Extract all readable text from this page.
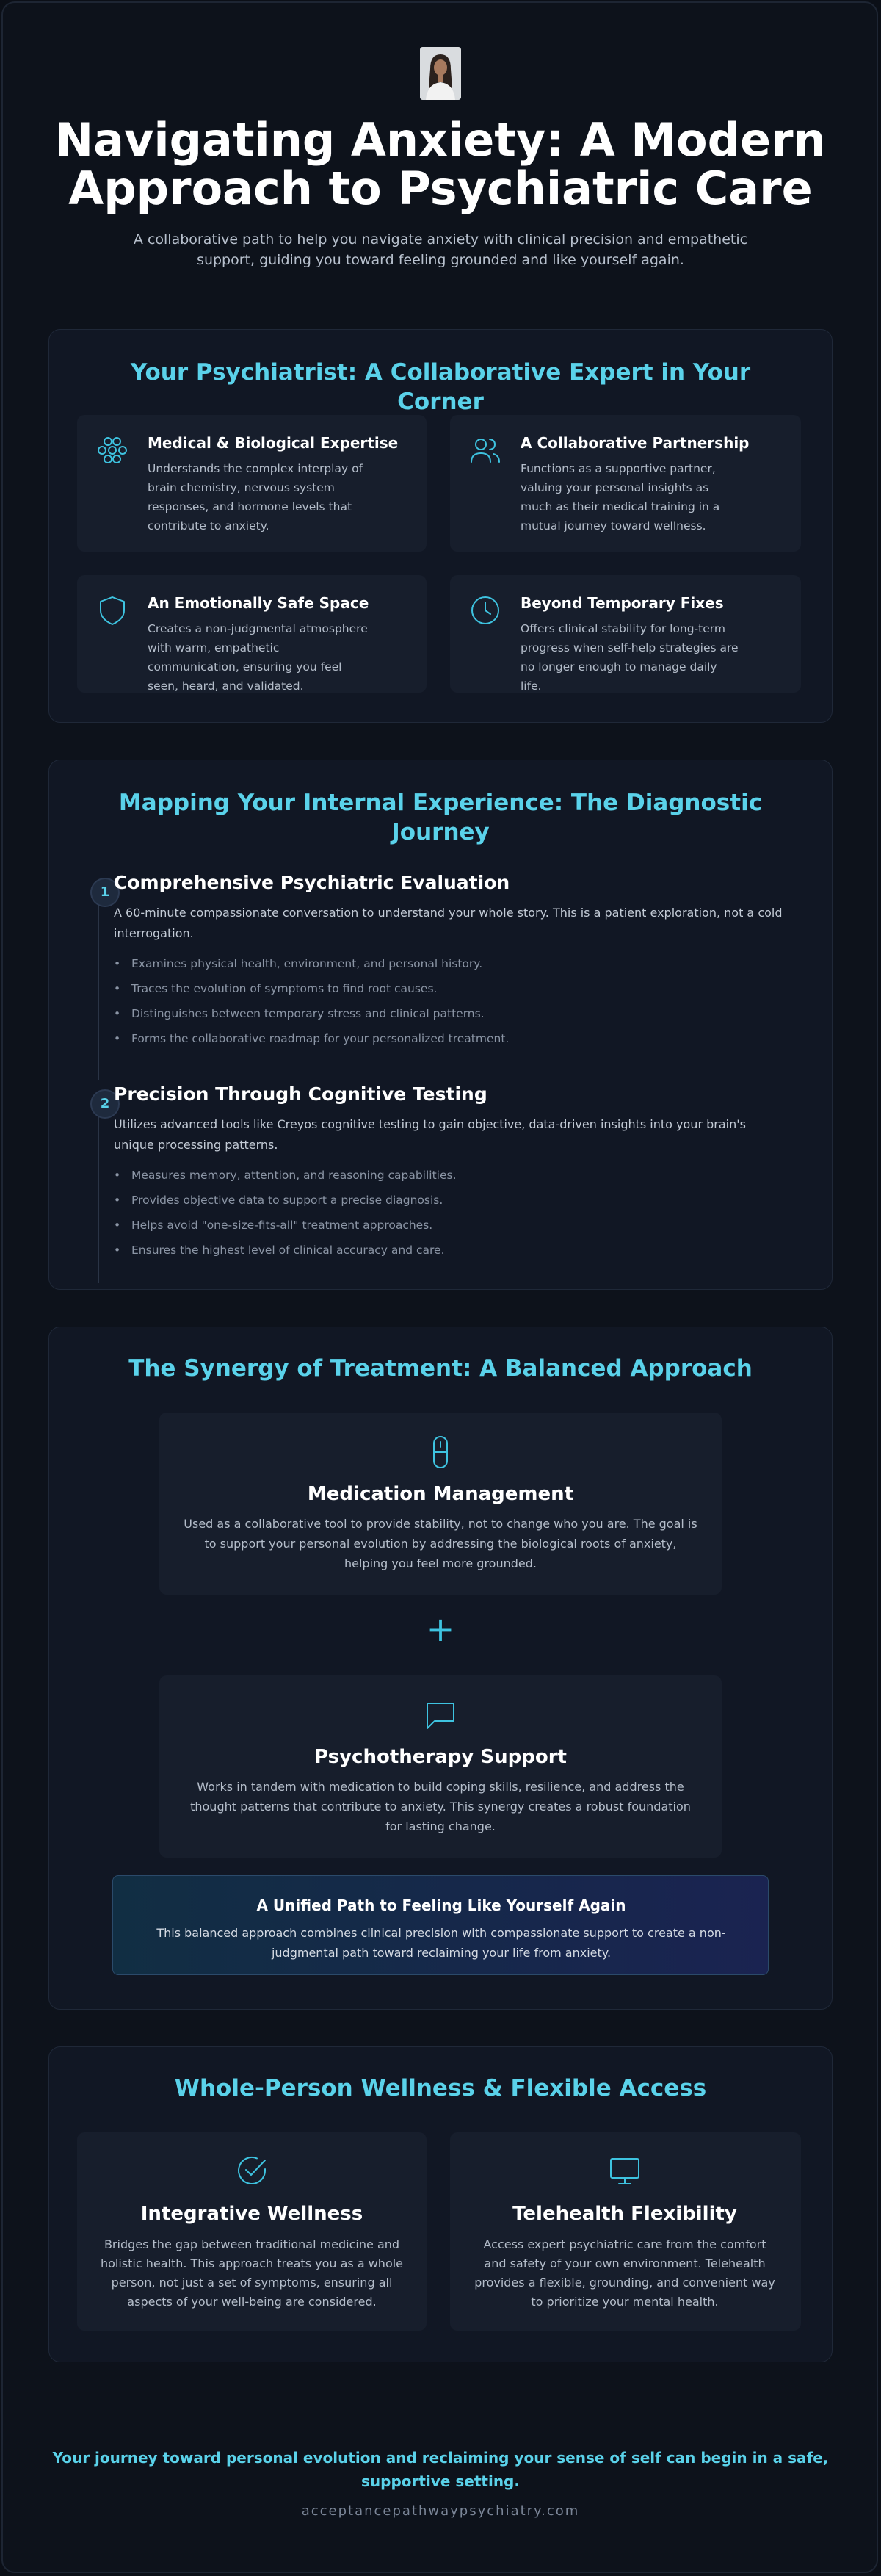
Navigating Anxiety: A Modern Approach to Psychiatric Care

A collaborative path to help you navigate anxiety with clinical precision and empathetic support, guiding you toward feeling grounded and like yourself again.

Your Psychiatrist: A Collaborative Expert in Your Corner
Medical & Biological Expertise

Understands the complex interplay of brain chemistry, nervous system responses, and hormone levels that contribute to anxiety.

A Collaborative Partnership

Functions as a supportive partner, valuing your personal insights as much as their medical training in a mutual journey toward wellness.

An Emotionally Safe Space

Creates a non-judgmental atmosphere with warm, empathetic communication, ensuring you feel seen, heard, and validated.

Beyond Temporary Fixes

Offers clinical stability for long-term progress when self-help strategies are no longer enough to manage daily life.

Mapping Your Internal Experience: The Diagnostic Journey
1 Comprehensive Psychiatric Evaluation

A 60-minute compassionate conversation to understand your whole story. This is a patient exploration, not a cold interrogation.

• Examines physical health, environment, and personal history.
• Traces the evolution of symptoms to find root causes.
• Distinguishes between temporary stress and clinical patterns.
• Forms the collaborative roadmap for your personalized treatment.
2 Precision Through Cognitive Testing

Utilizes advanced tools like Creyos cognitive testing to gain objective, data-driven insights into your brain's unique processing patterns.

• Measures memory, attention, and reasoning capabilities.
• Provides objective data to support a precise diagnosis.
• Helps avoid "one-size-fits-all" treatment approaches.
• Ensures the highest level of clinical accuracy and care.
The Synergy of Treatment: A Balanced Approach
Medication Management

Used as a collaborative tool to provide stability, not to change who you are. The goal is to support your personal evolution by addressing the biological roots of anxiety, helping you feel more grounded.

+
Psychotherapy Support

Works in tandem with medication to build coping skills, resilience, and address the thought patterns that contribute to anxiety. This synergy creates a robust foundation for lasting change.

A Unified Path to Feeling Like Yourself Again

This balanced approach combines clinical precision with compassionate support to create a non-judgmental path toward reclaiming your life from anxiety.

Whole-Person Wellness & Flexible Access
Integrative Wellness

Bridges the gap between traditional medicine and holistic health. This approach treats you as a whole person, not just a set of symptoms, ensuring all aspects of your well-being are considered.

Telehealth Flexibility

Access expert psychiatric care from the comfort and safety of your own environment. Telehealth provides a flexible, grounding, and convenient way to prioritize your mental health.

Your journey toward personal evolution and reclaiming your sense of self can begin in a safe, supportive setting.

acceptancepathwaypsychiatry.com
